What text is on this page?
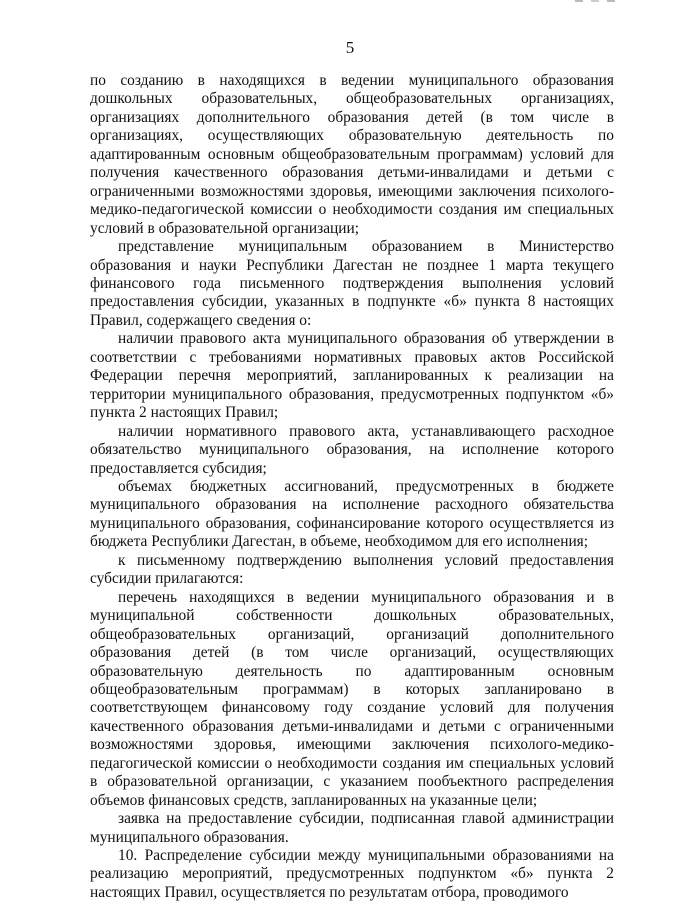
5

по созданию в находящихся в ведении муниципального образования дошкольных образовательных, общеобразовательных организациях, организациях дополнительного образования детей (в том числе в организациях, осуществляющих образовательную деятельность по адаптированным основным общеобразовательным программам) условий для получения качественного образования детьми-инвалидами и детьми с ограниченными возможностями здоровья, имеющими заключения психолого-медико-педагогической комиссии о необходимости создания им специальных условий в образовательной организации;

представление муниципальным образованием в Министерство образования и науки Республики Дагестан не позднее 1 марта текущего финансового года письменного подтверждения выполнения условий предоставления субсидии, указанных в подпункте «б» пункта 8 настоящих Правил, содержащего сведения о:

наличии правового акта муниципального образования об утверждении в соответствии с требованиями нормативных правовых актов Российской Федерации перечня мероприятий, запланированных к реализации на территории муниципального образования, предусмотренных подпунктом «б» пункта 2 настоящих Правил;

наличии нормативного правового акта, устанавливающего расходное обязательство муниципального образования, на исполнение которого предоставляется субсидия;

объемах бюджетных ассигнований, предусмотренных в бюджете муниципального образования на исполнение расходного обязательства муниципального образования, софинансирование которого осуществляется из бюджета Республики Дагестан, в объеме, необходимом для его исполнения;

к письменному подтверждению выполнения условий предоставления субсидии прилагаются:

перечень находящихся в ведении муниципального образования и в муниципальной собственности дошкольных образовательных, общеобразовательных организаций, организаций дополнительного образования детей (в том числе организаций, осуществляющих образовательную деятельность по адаптированным основным общеобразовательным программам) в которых запланировано в соответствующем финансовому году создание условий для получения качественного образования детьми-инвалидами и детьми с ограниченными возможностями здоровья, имеющими заключения психолого-медико-педагогической комиссии о необходимости создания им специальных условий в образовательной организации, с указанием пообъектного распределения объемов финансовых средств, запланированных на указанные цели;

заявка на предоставление субсидии, подписанная главой администрации муниципального образования.

10. Распределение субсидии между муниципальными образованиями на реализацию мероприятий, предусмотренных подпунктом «б» пункта 2 настоящих Правил, осуществляется по результатам отбора, проводимого
